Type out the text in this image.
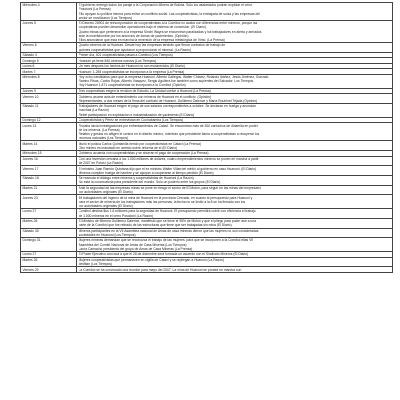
Miércoles 4	El gobierno entregó todos los paraje a la Corporación Minera de Bolivia. Sólo los asalariados podrán explotar el cerro
Posokoni (La Prensa)
Ello apoyan su política minera para evitar un conflicto social. Las cooperativistas, la embajada de suiza y las empresas del
sector se movilizaron (Los Tiempos)

Jueves 5	El Decreto 28901 de reincorporación de cooperativistas a la Comibol no acaba con diferencias entre mineros, porque las
cooperativas pueden desarrollar operaciones bajo el sistema de concesión. (El Diario)
Quatro minas que pertenecen a la empresa Sinchi Wayra se encuentran paralizadas y los trabajadores en alerta y armados
ante la incertidumbre por los anuncios de tomas de yacimientos. (Opinión)
Ellos anunciaron que esta en marcha la reversión de la empresa metalúrgica de Vinto. (La Prensa)

Viernes 6	Quatro mineros de la Huanuni. Desde hoy las empresas tendrán que firmar contratos de trabajo de
quienes cooperativistas que ayudaron a proporcionar el mineral. (La Razón)

Sábado 4	Primer día, 401 cooperativistas pasan a Comibol (Los Tiempos)

Domingo 5	Huanuni ya tiene 840 obreros nuevos (Los Tiempos)

Lunes 6	Un mes después los hechos de Huanuni no son esclarecidos (El Diario)

Martes 7	Huanuni: 1.285 cooperativistas se incorporan a la empresa (La Prensa)

Miércoles 8	Hoy ocho candidatos para que la empresa Huanuni. Alberto Gallegos, Walter Chávez, Rolando Ibáñez, Jesús Jiménez, Gonzalo
Ramiro Rivas, Carlos Rojas, Alberto Vásquez, Sergio Aguilera fue también como suplentes del Salvador. Los Tiempos
Hoy Huanuni 1.871 cooperativistas se incorporan a la Comibol (Opinión)

Jueves 9	Tres cooperativas exigen la revisión de Estudio. La Unidad vuelve a Huanuni (La Prensa)

Viernes 10	Gobierno asume acta de entendimiento con mineros de Huanuni en el conflicto. (Opinión)
Representantes, a dos meses de la firma del contrato de Huanuni. Guillermo Dalence y María Roubinet Tejada (Opinión)

Sábado 11	Trabajadores de Huanuni exigen el pago de sus salarios correspondientes a octubre. Se declaran en huelga y anuncian
marchas (La Razón)
Rebel participación en explotación e industrialización de yacimiento (El Diario)

Domingo 12	Cooperativistas y Pérez se entrevistan en Cochabamba (Los Tiempos)

Lunes 13	Fiscalía inicia investigaciones por enfrentamientos de Catavi. Se encuentran más de 300 cartuchos de dinamita en poder
de los mineros. (La Prensa)
Relatos y gestos no afligen el control en el distrito minero, mientras que presidente llama a cooperativistas a recuperar los
recursos naturales (Los Tiempos)

Martes 14	Murió el policía Carlos Quintanilla herido por cooperativistas en Catavi (La Prensa)
Otro minero es mandado en arresto sobre reforma de el (El Diario)

Miércoles 15	Gobierno acuerda con cooperativistas y se ahorran el pago de cooperación (La Prensa)

Jueves 16	Con una inversión cercana a los 1.000 millones de dólares, cuatro emprendimientos mineros se ponen en marcha a partir
de 2007 en Potosí (La Razón)

Viernes 17	El ministro Juan Ramón Quintana dijo que el ex ministro Walter Villarroel mintió al gobierno en caso Huanuni. (El Diario)
Mineros cumplen huelga de hambre y se apoyan a cooperarse al tiempo perdido (El Diario)

Sábado 18	Se reanuda el diálogo entre mineros y cooperativistas de Huanuni (La Razón)
No está la convocatoria para presidente del mundo. Solo un poderío entre los grupos (El Diario)

Martes 21	Ante la segundad de las empresas minas se pone en riesgo el sector de El Mutún, para seguir en las minas del empresario
por autoridades originales (El Diario)

Jueves 23	89 trabajadores del ingenio de la mina de Huanuni en la provincia Cercado, en cuanto al presupuesto para Huanuni y
para el sector de minería de los trabajadores más las personas, la fecha no se limitó a la 8 se ha firmado con los
por autoridades originales (El Diario)

Lunes 27	Comibol destina $us 1.6 millones para la seguridad de Huanuni. El presupuesto permitirá cubrir con eficiencia el trabajo
de 1.000 mineros en el cerro Posokoni (La Razón)

Martes 28	El Ministro de Minería Guillermo Dalence, manifestó que se tiene el 95% de Mutún y que el pliego para poder asir a una
parte de la Comibol que fue retirado de las estructuras que tiene que ser trabajadas sin mina (El Diario)

Sábado 30	Mineros participantes en la VII Asamblea nacional de Amas de casa mineras dieron que las mujeres no son consideradas
sociedades en Huanuni (Los Tiempos)

Domingo 31	Mujeres mineras demandan que se reconozca el trabajo de las mujeres, para que se incorporen a la Comibol ellas VII
Asamblea del Comité Nacional de Amas de Casa Mineras (Los Tiempos)
Laura Camacho presidenta del grupo de Amas de Casa Mineras (La Prensa)

Lunes 27	El Poder Ejecutivo convoca a que el 28 de diciembre será formada un acuerdo con el Sindicato Mineros (El Diario)

Martes 28	Mujeres cooperativistas que permanecen en vigilia de Catavi y se repliegan a Huanuni (La Razón)
desfilan (Los Tiempos)

Viernes 29	La Comibol se ha convocado una reunión para mayo del 2007. La mina de Huanuni se pondrá en marcha con
